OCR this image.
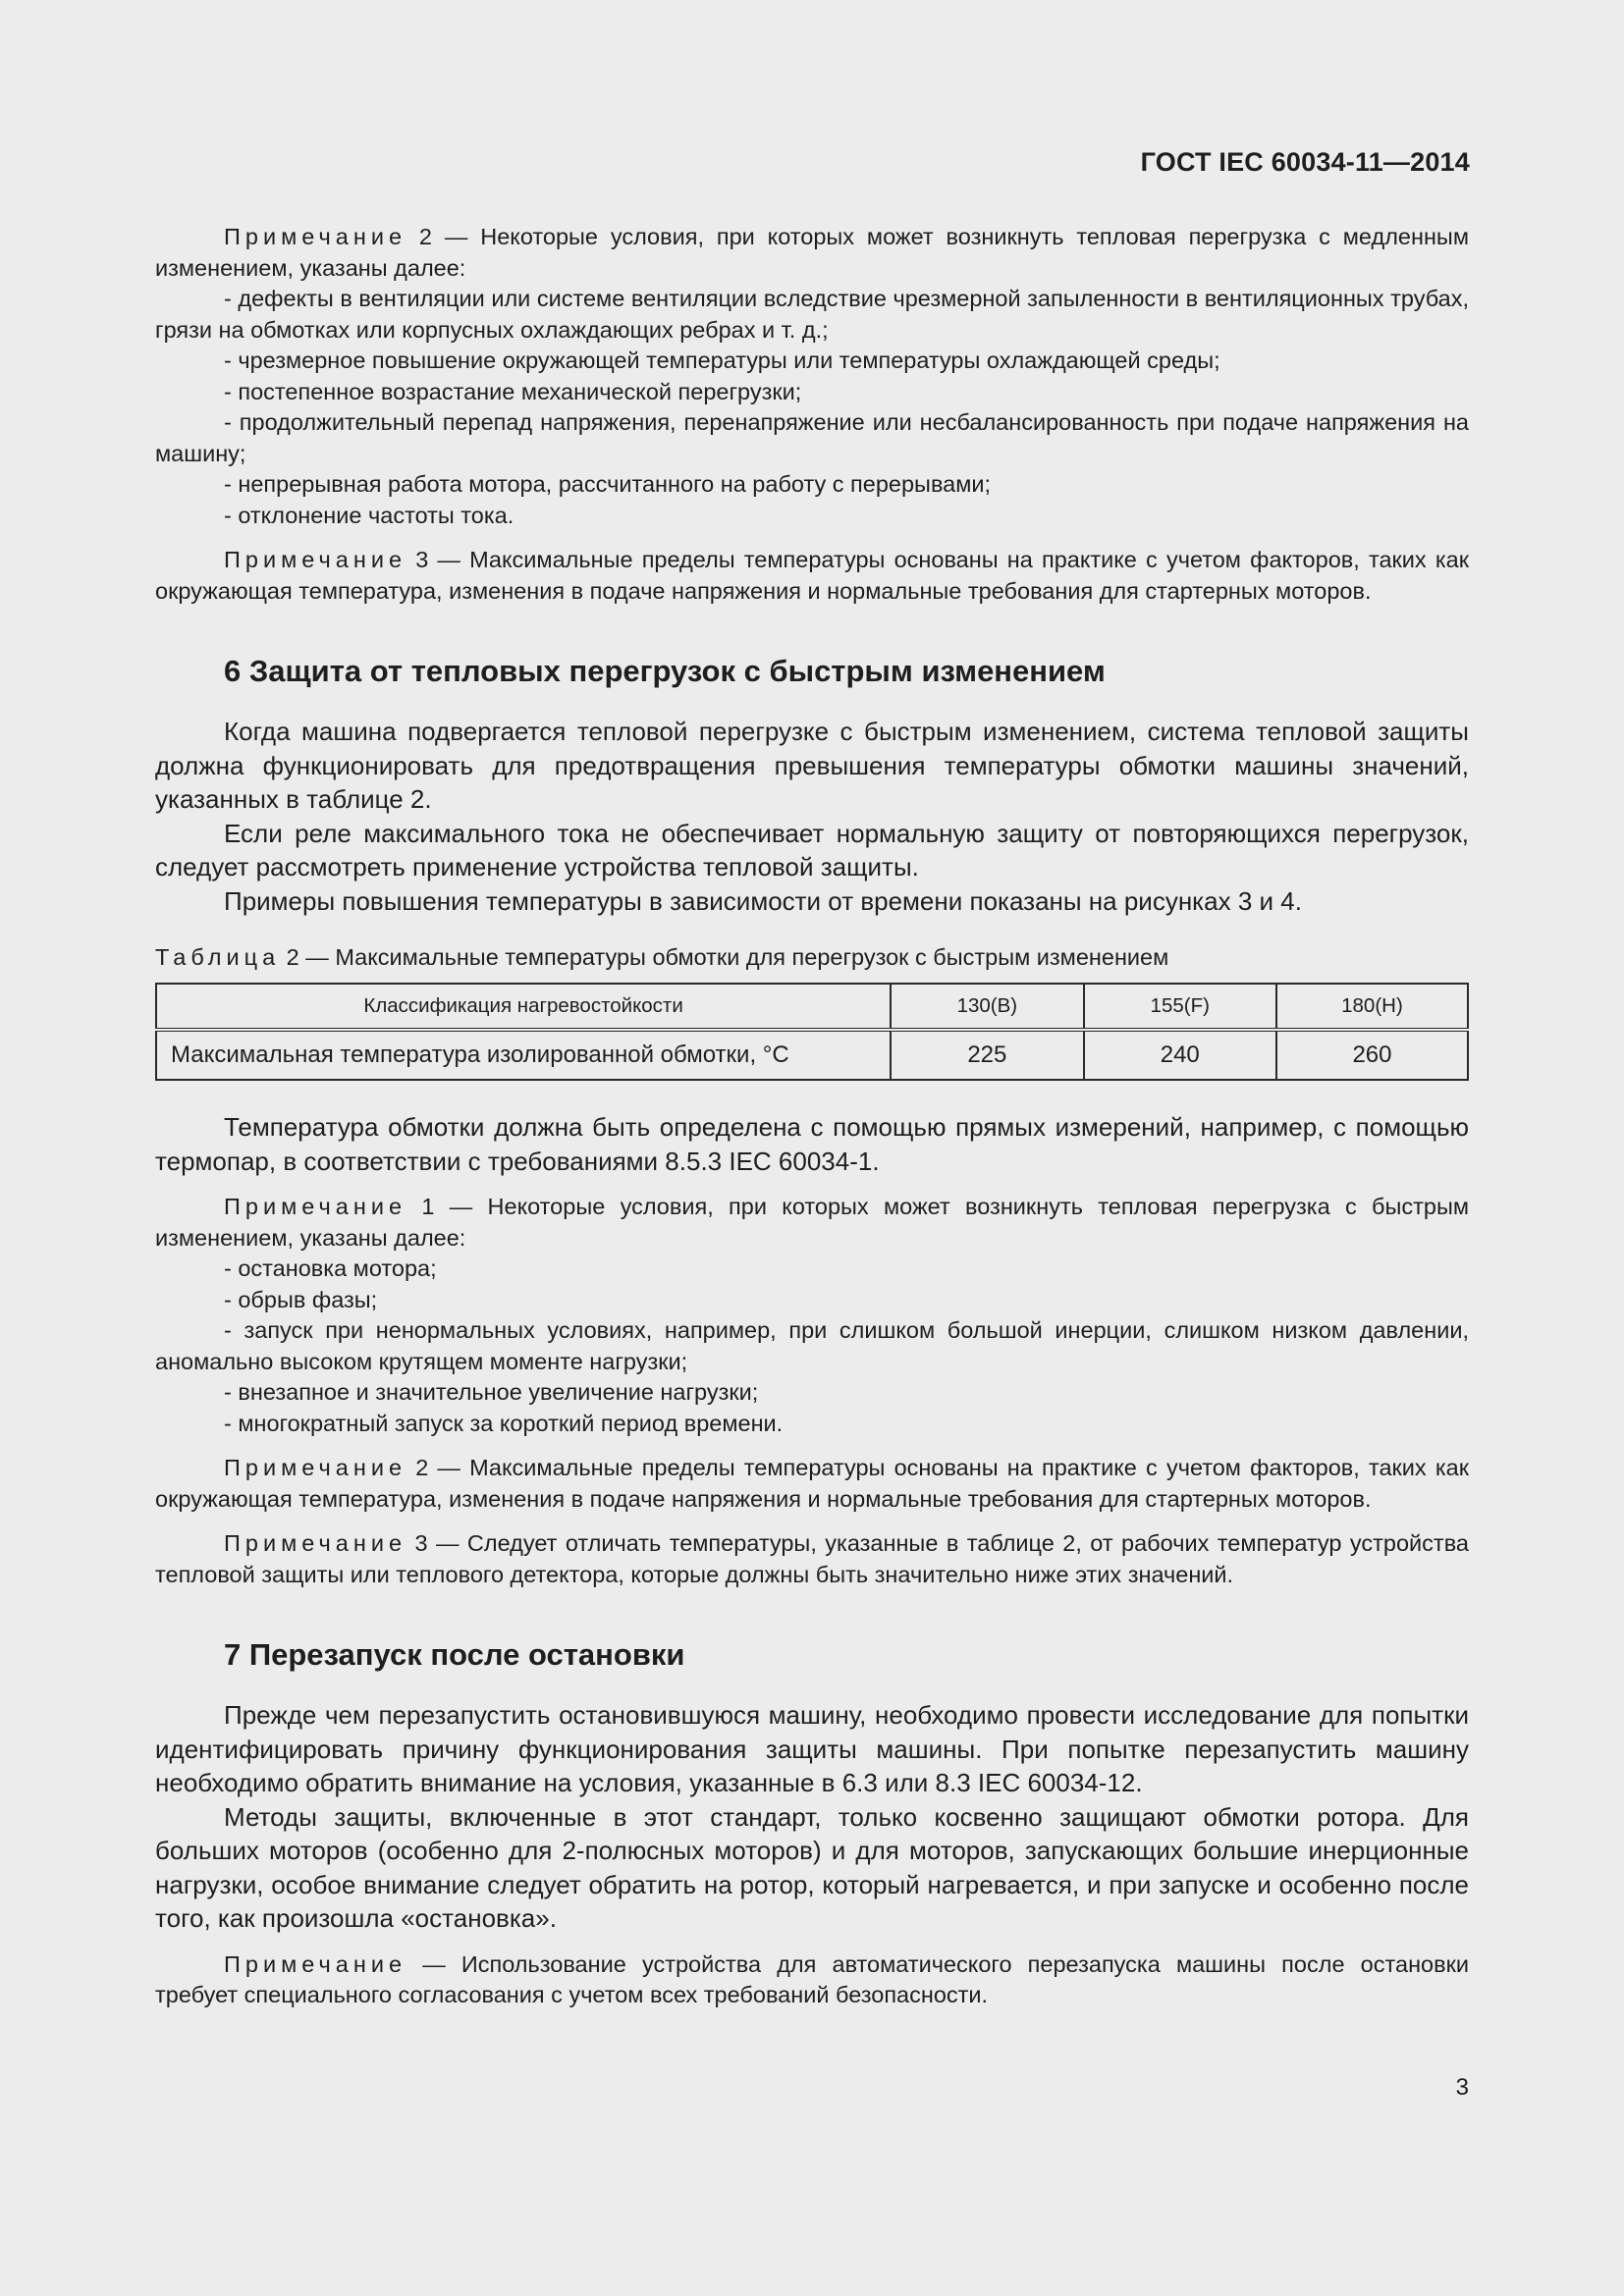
ГОСТ IEC 60034-11—2014

Примечание 2 — Некоторые условия, при которых может возникнуть тепловая перегрузка с медленным изменением, указаны далее:

- дефекты в вентиляции или системе вентиляции вследствие чрезмерной запыленности в вентиляционных трубах, грязи на обмотках или корпусных охлаждающих ребрах и т. д.;

- чрезмерное повышение окружающей температуры или температуры охлаждающей среды;

- постепенное возрастание механической перегрузки;

- продолжительный перепад напряжения, перенапряжение или несбалансированность при подаче напряжения на машину;

- непрерывная работа мотора, рассчитанного на работу с перерывами;

- отклонение частоты тока.

Примечание 3 — Максимальные пределы температуры основаны на практике с учетом факторов, таких как окружающая температура, изменения в подаче напряжения и нормальные требования для стартерных моторов.

6 Защита от тепловых перегрузок с быстрым изменением

Когда машина подвергается тепловой перегрузке с быстрым изменением, система тепловой защиты должна функционировать для предотвращения превышения температуры обмотки машины значений, указанных в таблице 2.

Если реле максимального тока не обеспечивает нормальную защиту от повторяющихся перегрузок, следует рассмотреть применение устройства тепловой защиты.

Примеры повышения температуры в зависимости от времени показаны на рисунках 3 и 4.

Таблица 2 — Максимальные температуры обмотки для перегрузок с быстрым изменением
Классификация нагревостойкости	130(B)	155(F)	180(H)
Максимальная температура изолированной обмотки, °C	225	240	260

Температура обмотки должна быть определена с помощью прямых измерений, например, с помощью термопар, в соответствии с требованиями 8.5.3 IEC 60034-1.

Примечание 1 — Некоторые условия, при которых может возникнуть тепловая перегрузка с быстрым изменением, указаны далее:

- остановка мотора;

- обрыв фазы;

- запуск при ненормальных условиях, например, при слишком большой инерции, слишком низком давлении, аномально высоком крутящем моменте нагрузки;

- внезапное и значительное увеличение нагрузки;

- многократный запуск за короткий период времени.

Примечание 2 — Максимальные пределы температуры основаны на практике с учетом факторов, таких как окружающая температура, изменения в подаче напряжения и нормальные требования для стартерных моторов.

Примечание 3 — Следует отличать температуры, указанные в таблице 2, от рабочих температур устройства тепловой защиты или теплового детектора, которые должны быть значительно ниже этих значений.

7 Перезапуск после остановки

Прежде чем перезапустить остановившуюся машину, необходимо провести исследование для попытки идентифицировать причину функционирования защиты машины. При попытке перезапустить машину необходимо обратить внимание на условия, указанные в 6.3 или 8.3 IEC 60034-12.

Методы защиты, включенные в этот стандарт, только косвенно защищают обмотки ротора. Для больших моторов (особенно для 2-полюсных моторов) и для моторов, запускающих большие инерционные нагрузки, особое внимание следует обратить на ротор, который нагревается, и при запуске и особенно после того, как произошла «остановка».

Примечание — Использование устройства для автоматического перезапуска машины после остановки требует специального согласования с учетом всех требований безопасности.

3
